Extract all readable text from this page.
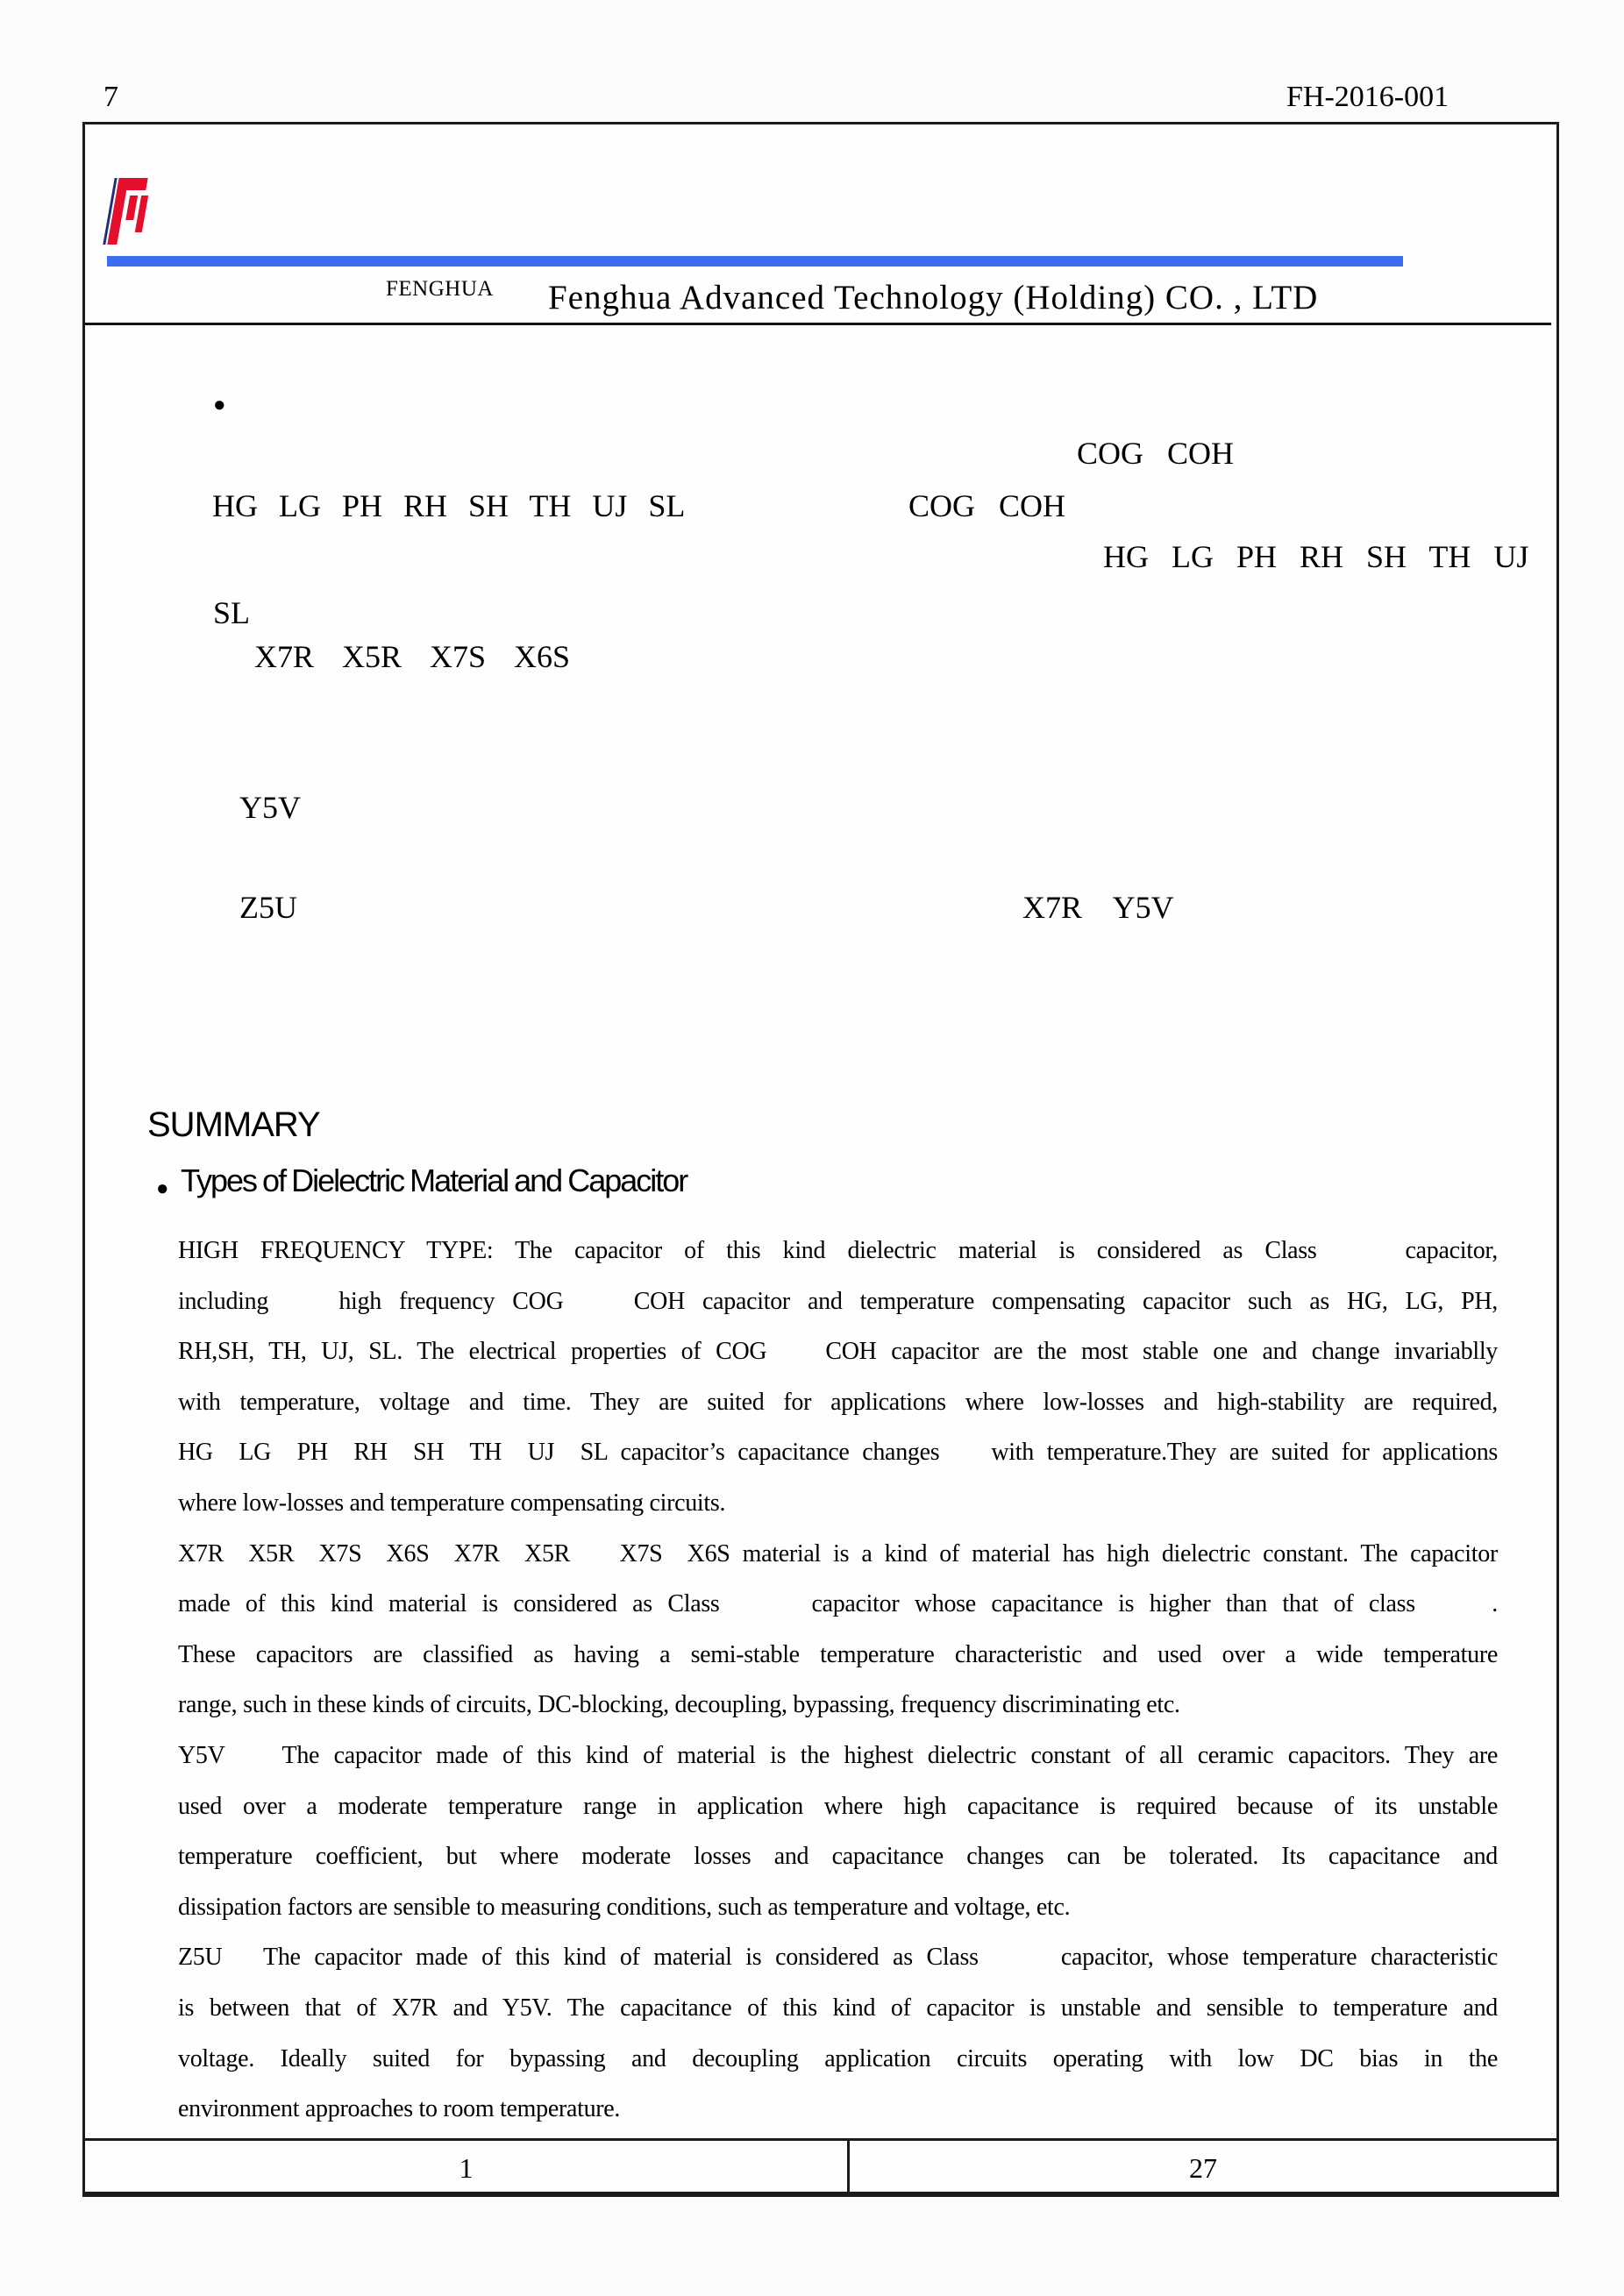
7	FH-2016-001
FENGHUA Fenghua Advanced Technology (Holding) CO. , LTD
●
COG   COH
HG  LG  PH  RH  SH  TH  UJ  SL	COG   COH
HG  LG  PH  RH  SH  TH  UJ
SL
X7R  X5R  X7S  X6S
Y5V
Z5U	X7R    Y5V
SUMMARY
● Types of Dielectric Material and Capacitor
HIGH FREQUENCY TYPE: The capacitor of this kind dielectric material is considered as Class    capacitor,
including    high frequency COG    COH capacitor and temperature compensating capacitor such as HG, LG, PH,
RH,SH, TH, UJ, SL. The electrical properties of COG    COH capacitor are the most stable one and change invariablly
with temperature, voltage and time. They are suited for applications where low-losses and high-stability are required,
HG  LG  PH  RH  SH  TH  UJ  SL capacitor’s capacitance changes    with temperature.They are suited for applications
where low-losses and temperature compensating circuits.
X7R  X5R  X7S  X6S  X7R  X5R    X7S  X6S material is a kind of material has high dielectric constant. The capacitor
made of this kind material is considered as Class      capacitor whose capacitance is higher than that of class     .
These capacitors are classified as having a semi-stable temperature characteristic and used over a wide temperature
range, such in these kinds of circuits, DC-blocking, decoupling, bypassing, frequency discriminating etc.
Y5V    The capacitor made of this kind of material is the highest dielectric constant of all ceramic capacitors. They are
used over a moderate temperature range in application where high capacitance is required because of its unstable
temperature coefficient, but where moderate losses and capacitance changes can be tolerated. Its capacitance and
dissipation factors are sensible to measuring conditions, such as temperature and voltage, etc.
Z5U   The capacitor made of this kind of material is considered as Class      capacitor, whose temperature characteristic
is between that of X7R and Y5V. The capacitance of this kind of capacitor is unstable and sensible to temperature and
voltage. Ideally suited for bypassing and decoupling application circuits operating with low DC bias in the
environment approaches to room temperature.
1	27
